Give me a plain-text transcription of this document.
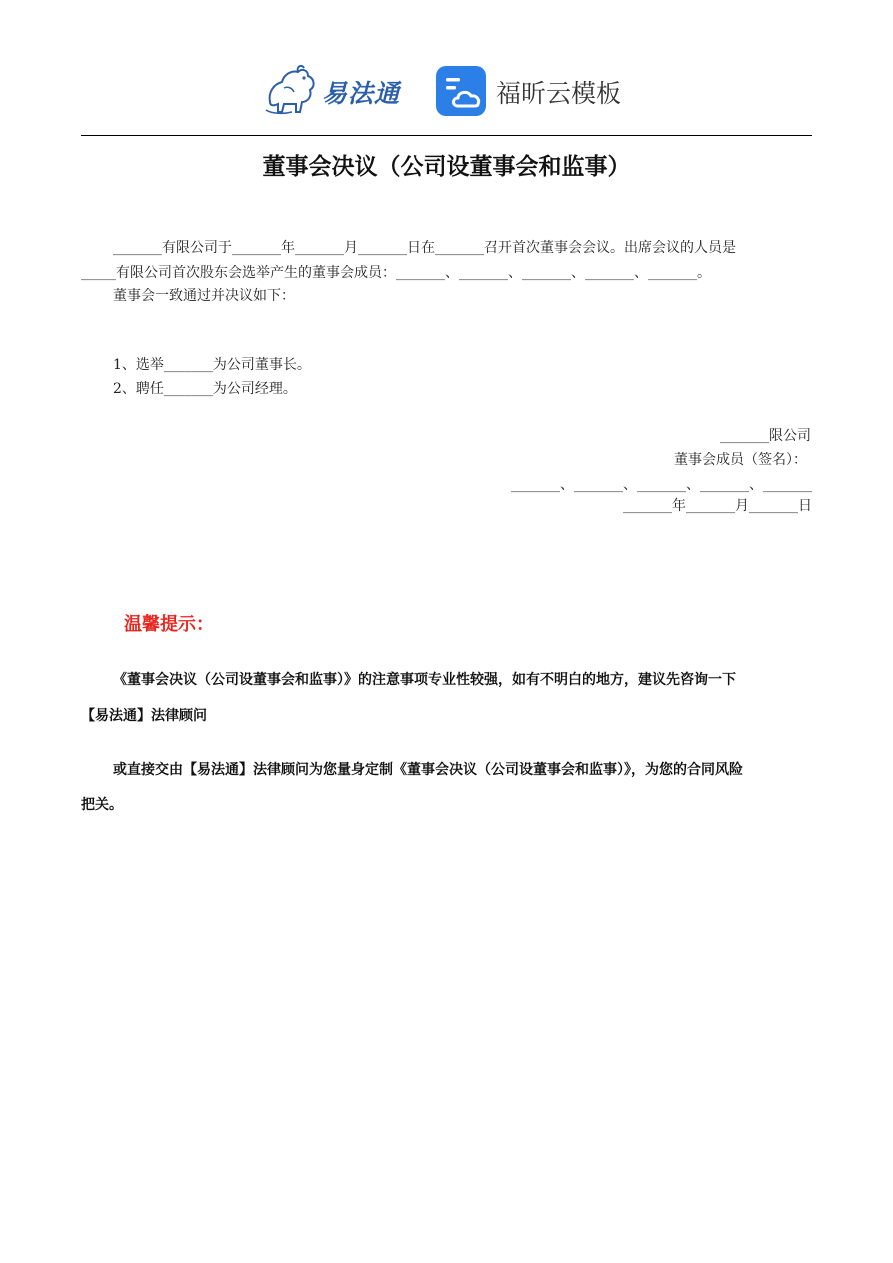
易法通	福昕云模板
董事会决议（公司设董事会和监事）
_______有限公司于_______年_______月_______日在_______召开首次董事会会议。出席会议的人员是
_____有限公司首次股东会选举产生的董事会成员：_______、_______、_______、_______、_______。
董事会一致通过并决议如下：
1、选举_______为公司董事长。
2、聘任_______为公司经理。
_______限公司
董事会成员（签名）：
_______、_______、_______、_______、_______
_______年_______月_______日
温馨提示：
《董事会决议（公司设董事会和监事）》的注意事项专业性较强，如有不明白的地方，建议先咨询一下
【易法通】法律顾问
或直接交由【易法通】法律顾问为您量身定制《董事会决议（公司设董事会和监事）》，为您的合同风险
把关。
